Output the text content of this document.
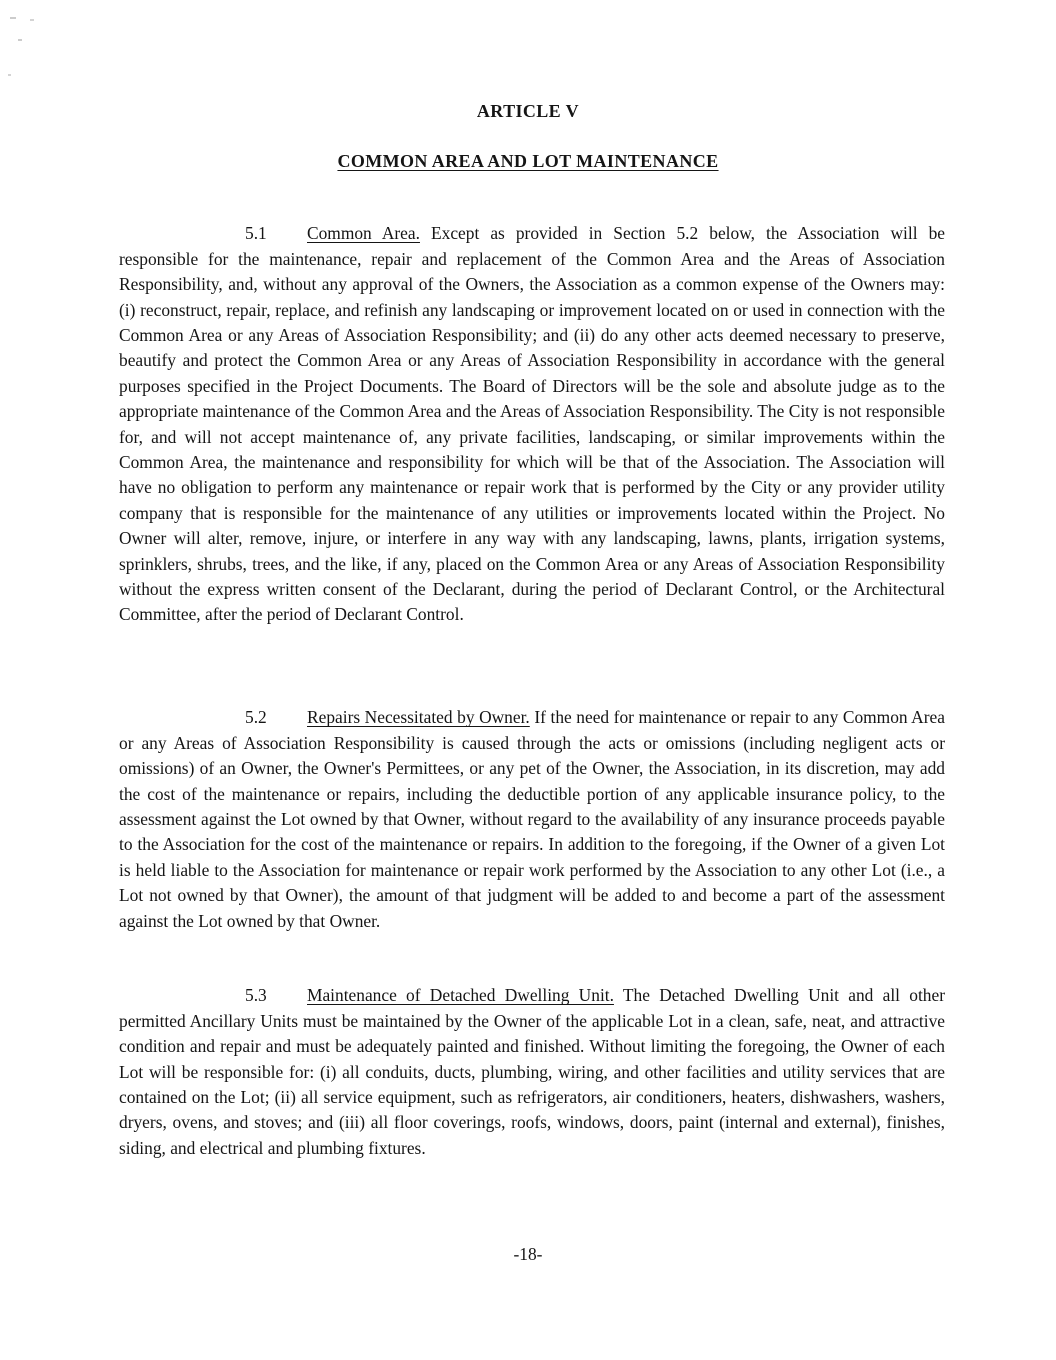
ARTICLE V
COMMON AREA AND LOT MAINTENANCE

5.1 Common Area. Except as provided in Section 5.2 below, the Association will be responsible for the maintenance, repair and replacement of the Common Area and the Areas of Association Responsibility, and, without any approval of the Owners, the Association as a common expense of the Owners may: (i) reconstruct, repair, replace, and refinish any landscaping or improvement located on or used in connection with the Common Area or any Areas of Association Responsibility; and (ii) do any other acts deemed necessary to preserve, beautify and protect the Common Area or any Areas of Association Responsibility in accordance with the general purposes specified in the Project Documents. The Board of Directors will be the sole and absolute judge as to the appropriate maintenance of the Common Area and the Areas of Association Responsibility. The City is not responsible for, and will not accept maintenance of, any private facilities, landscaping, or similar improvements within the Common Area, the maintenance and responsibility for which will be that of the Association. The Association will have no obligation to perform any maintenance or repair work that is performed by the City or any provider utility company that is responsible for the maintenance of any utilities or improvements located within the Project. No Owner will alter, remove, injure, or interfere in any way with any landscaping, lawns, plants, irrigation systems, sprinklers, shrubs, trees, and the like, if any, placed on the Common Area or any Areas of Association Responsibility without the express written consent of the Declarant, during the period of Declarant Control, or the Architectural Committee, after the period of Declarant Control.

5.2 Repairs Necessitated by Owner. If the need for maintenance or repair to any Common Area or any Areas of Association Responsibility is caused through the acts or omissions (including negligent acts or omissions) of an Owner, the Owner's Permittees, or any pet of the Owner, the Association, in its discretion, may add the cost of the maintenance or repairs, including the deductible portion of any applicable insurance policy, to the assessment against the Lot owned by that Owner, without regard to the availability of any insurance proceeds payable to the Association for the cost of the maintenance or repairs. In addition to the foregoing, if the Owner of a given Lot is held liable to the Association for maintenance or repair work performed by the Association to any other Lot (i.e., a Lot not owned by that Owner), the amount of that judgment will be added to and become a part of the assessment against the Lot owned by that Owner.

5.3 Maintenance of Detached Dwelling Unit. The Detached Dwelling Unit and all other permitted Ancillary Units must be maintained by the Owner of the applicable Lot in a clean, safe, neat, and attractive condition and repair and must be adequately painted and finished. Without limiting the foregoing, the Owner of each Lot will be responsible for: (i) all conduits, ducts, plumbing, wiring, and other facilities and utility services that are contained on the Lot; (ii) all service equipment, such as refrigerators, air conditioners, heaters, dishwashers, washers, dryers, ovens, and stoves; and (iii) all floor coverings, roofs, windows, doors, paint (internal and external), finishes, siding, and electrical and plumbing fixtures.

-18-
